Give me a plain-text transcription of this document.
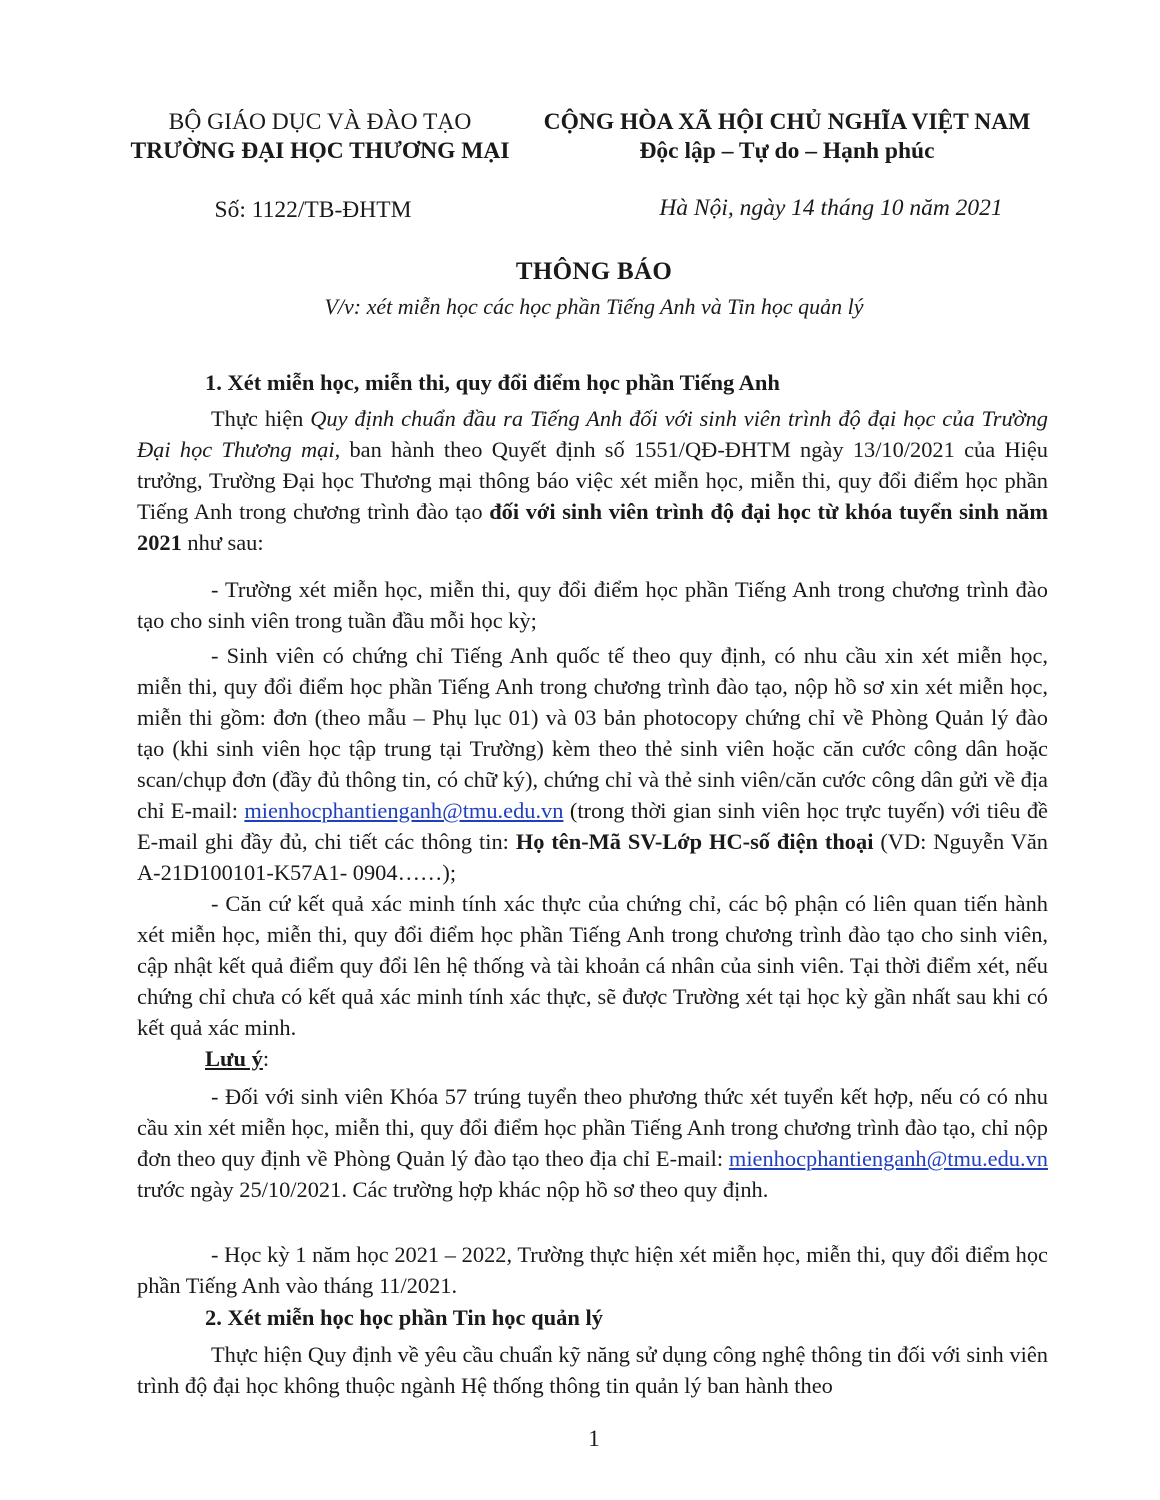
BỘ GIÁO DỤC VÀ ĐÀO TẠO
TRƯỜNG ĐẠI HỌC THƯƠNG MẠI
CỘNG HÒA XÃ HỘI CHỦ NGHĨA VIỆT NAM
Độc lập – Tự do – Hạnh phúc
Số: 1122/TB-ĐHTM	Hà Nội, ngày 14 tháng 10 năm 2021
THÔNG BÁO
V/v: xét miễn học các học phần Tiếng Anh và Tin học quản lý
1. Xét miễn học, miễn thi, quy đổi điểm học phần Tiếng Anh

Thực hiện Quy định chuẩn đầu ra Tiếng Anh đối với sinh viên trình độ đại học của Trường Đại học Thương mại, ban hành theo Quyết định số 1551/QĐ-ĐHTM ngày 13/10/2021 của Hiệu trưởng, Trường Đại học Thương mại thông báo việc xét miễn học, miễn thi, quy đổi điểm học phần Tiếng Anh trong chương trình đào tạo đối với sinh viên trình độ đại học từ khóa tuyển sinh năm 2021 như sau:

- Trường xét miễn học, miễn thi, quy đổi điểm học phần Tiếng Anh trong chương trình đào tạo cho sinh viên trong tuần đầu mỗi học kỳ;

- Sinh viên có chứng chỉ Tiếng Anh quốc tế theo quy định, có nhu cầu xin xét miễn học, miễn thi, quy đổi điểm học phần Tiếng Anh trong chương trình đào tạo, nộp hồ sơ xin xét miễn học, miễn thi gồm: đơn (theo mẫu – Phụ lục 01) và 03 bản photocopy chứng chỉ về Phòng Quản lý đào tạo (khi sinh viên học tập trung tại Trường) kèm theo thẻ sinh viên hoặc căn cước công dân hoặc scan/chụp đơn (đầy đủ thông tin, có chữ ký), chứng chỉ và thẻ sinh viên/căn cước công dân gửi về địa chỉ E-mail: mienhocphantienganh@tmu.edu.vn (trong thời gian sinh viên học trực tuyến) với tiêu đề E-mail ghi đầy đủ, chi tiết các thông tin: Họ tên-Mã SV-Lớp HC-số điện thoại (VD: Nguyễn Văn A-21D100101-K57A1- 0904……);

- Căn cứ kết quả xác minh tính xác thực của chứng chỉ, các bộ phận có liên quan tiến hành xét miễn học, miễn thi, quy đổi điểm học phần Tiếng Anh trong chương trình đào tạo cho sinh viên, cập nhật kết quả điểm quy đổi lên hệ thống và tài khoản cá nhân của sinh viên. Tại thời điểm xét, nếu chứng chỉ chưa có kết quả xác minh tính xác thực, sẽ được Trường xét tại học kỳ gần nhất sau khi có kết quả xác minh.

Lưu ý:

- Đối với sinh viên Khóa 57 trúng tuyển theo phương thức xét tuyển kết hợp, nếu có có nhu cầu xin xét miễn học, miễn thi, quy đổi điểm học phần Tiếng Anh trong chương trình đào tạo, chỉ nộp đơn theo quy định về Phòng Quản lý đào tạo theo địa chỉ E-mail: mienhocphantienganh@tmu.edu.vn trước ngày 25/10/2021. Các trường hợp khác nộp hồ sơ theo quy định.

- Học kỳ 1 năm học 2021 – 2022, Trường thực hiện xét miễn học, miễn thi, quy đổi điểm học phần Tiếng Anh vào tháng 11/2021.

2. Xét miễn học học phần Tin học quản lý

Thực hiện Quy định về yêu cầu chuẩn kỹ năng sử dụng công nghệ thông tin đối với sinh viên trình độ đại học không thuộc ngành Hệ thống thông tin quản lý ban hành theo

1
